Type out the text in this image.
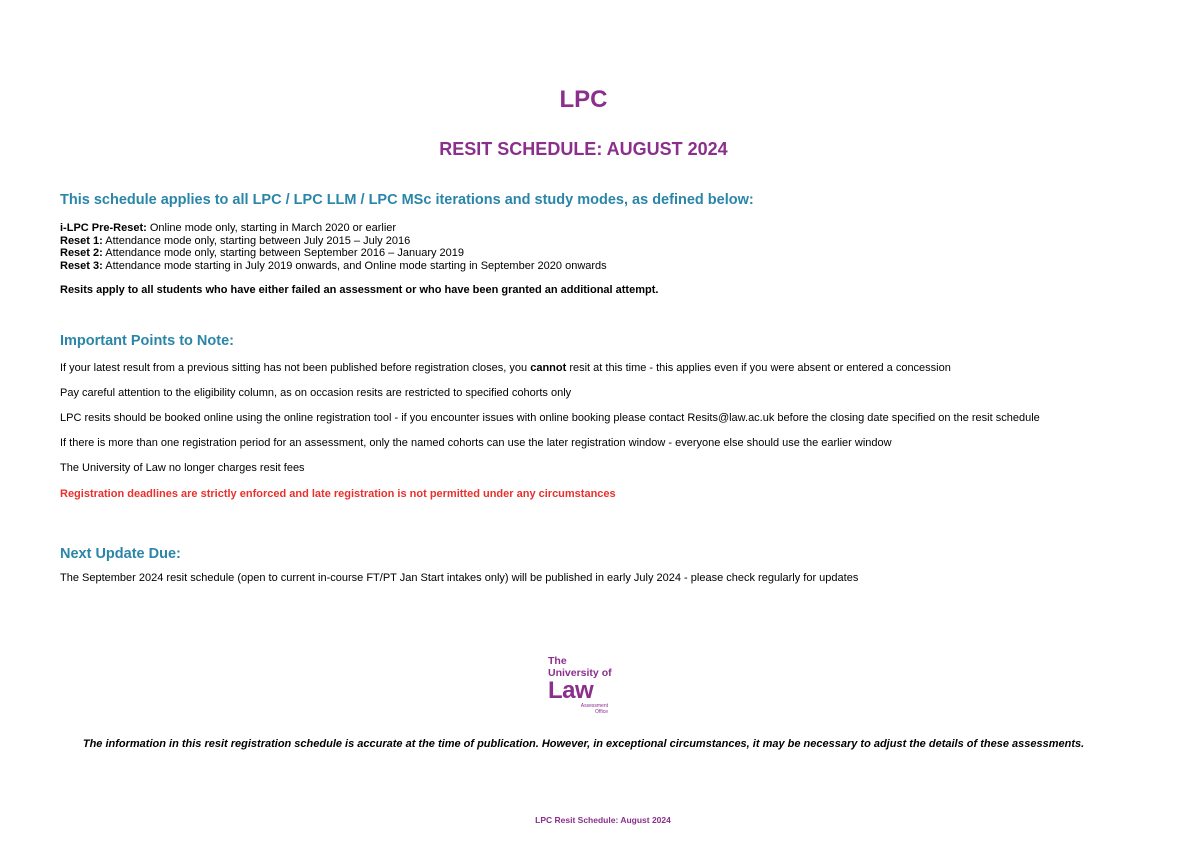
LPC
RESIT SCHEDULE: AUGUST 2024
This schedule applies to all LPC / LPC LLM / LPC MSc iterations and study modes, as defined below:
i-LPC Pre-Reset: Online mode only, starting in March 2020 or earlier
Reset 1: Attendance mode only, starting between July 2015 – July 2016
Reset 2: Attendance mode only, starting between September 2016 – January 2019
Reset 3: Attendance mode starting in July 2019 onwards, and Online mode starting in September 2020 onwards
Resits apply to all students who have either failed an assessment or who have been granted an additional attempt.
Important Points to Note:
If your latest result from a previous sitting has not been published before registration closes, you cannot resit at this time - this applies even if you were absent or entered a concession
Pay careful attention to the eligibility column, as on occasion resits are restricted to specified cohorts only
LPC resits should be booked online using the online registration tool - if you encounter issues with online booking please contact Resits@law.ac.uk before the closing date specified on the resit schedule
If there is more than one registration period for an assessment, only the named cohorts can use the later registration window - everyone else should use the earlier window
The University of Law no longer charges resit fees
Registration deadlines are strictly enforced and late registration is not permitted under any circumstances
Next Update Due:
The September 2024 resit schedule (open to current in-course FT/PT Jan Start intakes only) will be published in early July 2024 - please check regularly for updates
The
University of
Law
Assessment
Office
The information in this resit registration schedule is accurate at the time of publication. However, in exceptional circumstances, it may be necessary to adjust the details of these assessments.
LPC Resit Schedule: August 2024
